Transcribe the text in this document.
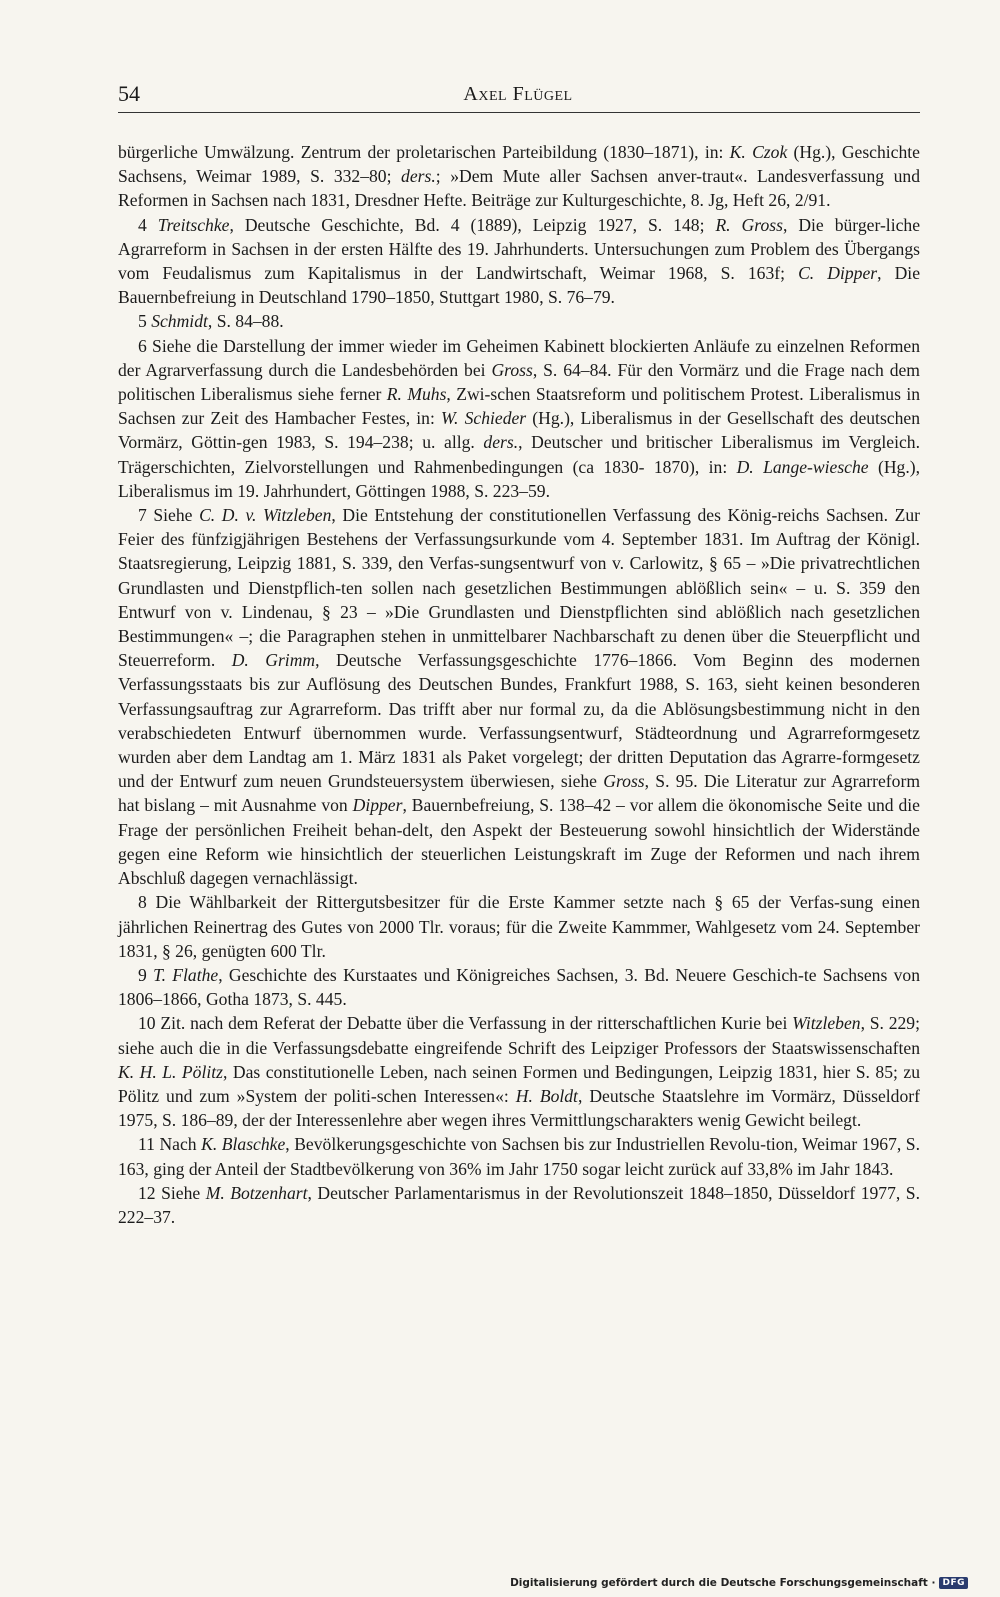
54	Axel Flügel

bürgerliche Umwälzung. Zentrum der proletarischen Parteibildung (1830–1871), in: K. Czok (Hg.), Geschichte Sachsens, Weimar 1989, S. 332–80; ders.; »Dem Mute aller Sachsen anver-traut«. Landesverfassung und Reformen in Sachsen nach 1831, Dresdner Hefte. Beiträge zur Kulturgeschichte, 8. Jg, Heft 26, 2/91.

4 Treitschke, Deutsche Geschichte, Bd. 4 (1889), Leipzig 1927, S. 148; R. Gross, Die bürger-liche Agrarreform in Sachsen in der ersten Hälfte des 19. Jahrhunderts. Untersuchungen zum Problem des Übergangs vom Feudalismus zum Kapitalismus in der Landwirtschaft, Weimar 1968, S. 163f; C. Dipper, Die Bauernbefreiung in Deutschland 1790–1850, Stuttgart 1980, S. 76–79.

5 Schmidt, S. 84–88.

6 Siehe die Darstellung der immer wieder im Geheimen Kabinett blockierten Anläufe zu einzelnen Reformen der Agrarverfassung durch die Landesbehörden bei Gross, S. 64–84. Für den Vormärz und die Frage nach dem politischen Liberalismus siehe ferner R. Muhs, Zwi-schen Staatsreform und politischem Protest. Liberalismus in Sachsen zur Zeit des Hambacher Festes, in: W. Schieder (Hg.), Liberalismus in der Gesellschaft des deutschen Vormärz, Göttin-gen 1983, S. 194–238; u. allg. ders., Deutscher und britischer Liberalismus im Vergleich. Trägerschichten, Zielvorstellungen und Rahmenbedingungen (ca 1830- 1870), in: D. Lange-wiesche (Hg.), Liberalismus im 19. Jahrhundert, Göttingen 1988, S. 223–59.

7 Siehe C. D. v. Witzleben, Die Entstehung der constitutionellen Verfassung des König-reichs Sachsen. Zur Feier des fünfzigjährigen Bestehens der Verfassungsurkunde vom 4. September 1831. Im Auftrag der Königl. Staatsregierung, Leipzig 1881, S. 339, den Verfas-sungsentwurf von v. Carlowitz, § 65 – »Die privatrechtlichen Grundlasten und Dienstpflich-ten sollen nach gesetzlichen Bestimmungen ablößlich sein« – u. S. 359 den Entwurf von v. Lindenau, § 23 – »Die Grundlasten und Dienstpflichten sind ablößlich nach gesetzlichen Bestimmungen« –; die Paragraphen stehen in unmittelbarer Nachbarschaft zu denen über die Steuerpflicht und Steuerreform. D. Grimm, Deutsche Verfassungsgeschichte 1776–1866. Vom Beginn des modernen Verfassungsstaats bis zur Auflösung des Deutschen Bundes, Frankfurt 1988, S. 163, sieht keinen besonderen Verfassungsauftrag zur Agrarreform. Das trifft aber nur formal zu, da die Ablösungsbestimmung nicht in den verabschiedeten Entwurf übernommen wurde. Verfassungsentwurf, Städteordnung und Agrarreformgesetz wurden aber dem Landtag am 1. März 1831 als Paket vorgelegt; der dritten Deputation das Agrarre-formgesetz und der Entwurf zum neuen Grundsteuersystem überwiesen, siehe Gross, S. 95. Die Literatur zur Agrarreform hat bislang – mit Ausnahme von Dipper, Bauernbefreiung, S. 138–42 – vor allem die ökonomische Seite und die Frage der persönlichen Freiheit behan-delt, den Aspekt der Besteuerung sowohl hinsichtlich der Widerstände gegen eine Reform wie hinsichtlich der steuerlichen Leistungskraft im Zuge der Reformen und nach ihrem Abschluß dagegen vernachlässigt.

8 Die Wählbarkeit der Rittergutsbesitzer für die Erste Kammer setzte nach § 65 der Verfas-sung einen jährlichen Reinertrag des Gutes von 2000 Tlr. voraus; für die Zweite Kammmer, Wahlgesetz vom 24. September 1831, § 26, genügten 600 Tlr.

9 T. Flathe, Geschichte des Kurstaates und Königreiches Sachsen, 3. Bd. Neuere Geschich-te Sachsens von 1806–1866, Gotha 1873, S. 445.

10 Zit. nach dem Referat der Debatte über die Verfassung in der ritterschaftlichen Kurie bei Witzleben, S. 229; siehe auch die in die Verfassungsdebatte eingreifende Schrift des Leipziger Professors der Staatswissenschaften K. H. L. Pölitz, Das constitutionelle Leben, nach seinen Formen und Bedingungen, Leipzig 1831, hier S. 85; zu Pölitz und zum »System der politi-schen Interessen«: H. Boldt, Deutsche Staatslehre im Vormärz, Düsseldorf 1975, S. 186–89, der der Interessenlehre aber wegen ihres Vermittlungscharakters wenig Gewicht beilegt.

11 Nach K. Blaschke, Bevölkerungsgeschichte von Sachsen bis zur Industriellen Revolu-tion, Weimar 1967, S. 163, ging der Anteil der Stadtbevölkerung von 36% im Jahr 1750 sogar leicht zurück auf 33,8% im Jahr 1843.

12 Siehe M. Botzenhart, Deutscher Parlamentarismus in der Revolutionszeit 1848–1850, Düsseldorf 1977, S. 222–37.

Digitalisierung gefördert durch die Deutsche Forschungsgemeinschaft · DFG
